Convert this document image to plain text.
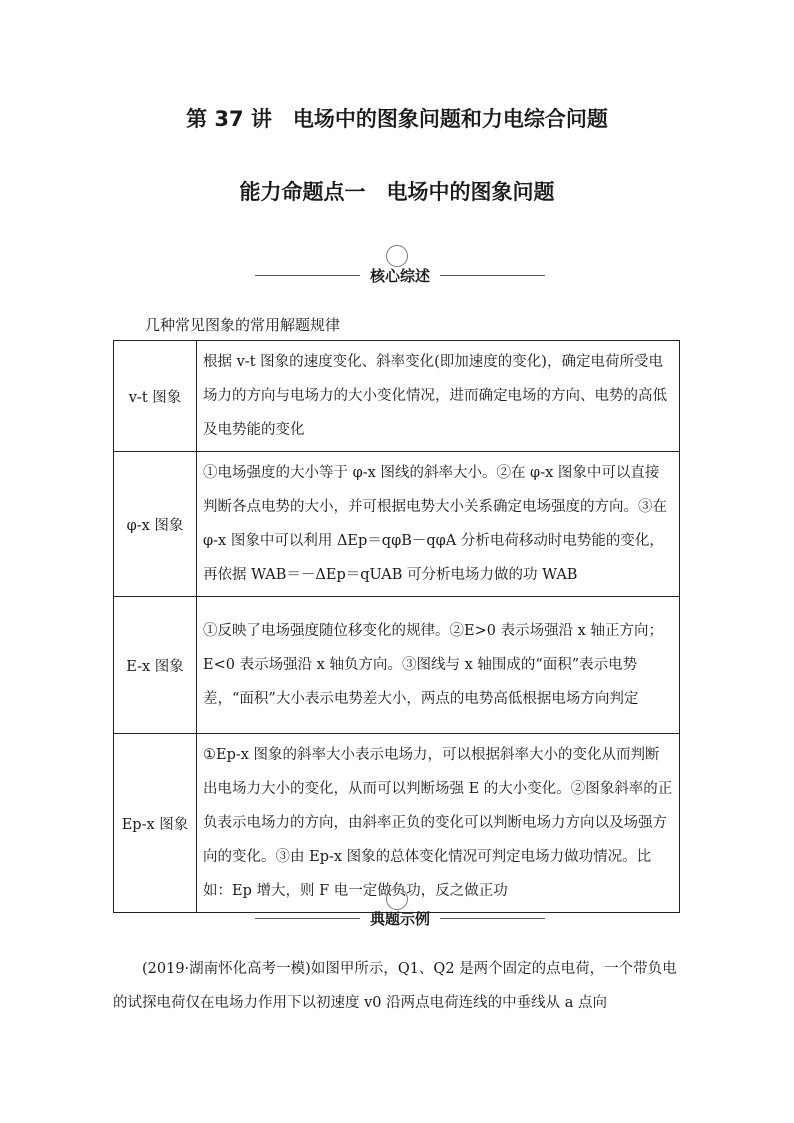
第 37 讲　电场中的图象问题和力电综合问题
能力命题点一　电场中的图象问题
核心综述
几种常见图象的常用解题规律
v-t 图象	根据 v-t 图象的速度变化、斜率变化(即加速度的变化)，确定电荷所受电场力的方向与电场力的大小变化情况，进而确定电场的方向、电势的高低及电势能的变化
φ-x 图象	①电场强度的大小等于 φ-x 图线的斜率大小。②在 φ-x 图象中可以直接判断各点电势的大小，并可根据电势大小关系确定电场强度的方向。③在 φ-x 图象中可以利用 ΔEp＝qφB－qφA 分析电荷移动时电势能的变化，再依据 WAB＝－ΔEp＝qUAB 可分析电场力做的功 WAB
E-x 图象	①反映了电场强度随位移变化的规律。②E>0 表示场强沿 x 轴正方向；E<0 表示场强沿 x 轴负方向。③图线与 x 轴围成的“面积”表示电势差，“面积”大小表示电势差大小，两点的电势高低根据电场方向判定
Ep-x 图象	①Ep-x 图象的斜率大小表示电场力，可以根据斜率大小的变化从而判断出电场力大小的变化，从而可以判断场强 E 的大小变化。②图象斜率的正负表示电场力的方向，由斜率正负的变化可以判断电场力方向以及场强方向的变化。③由 Ep-x 图象的总体变化情况可判定电场力做功情况。比如：Ep 增大，则 F 电一定做负功，反之做正功
典题示例
　　(2019·湖南怀化高考一模)如图甲所示，Q1、Q2 是两个固定的点电荷，一个带负电的试探电荷仅在电场力作用下以初速度 v0 沿两点电荷连线的中垂线从 a 点向
